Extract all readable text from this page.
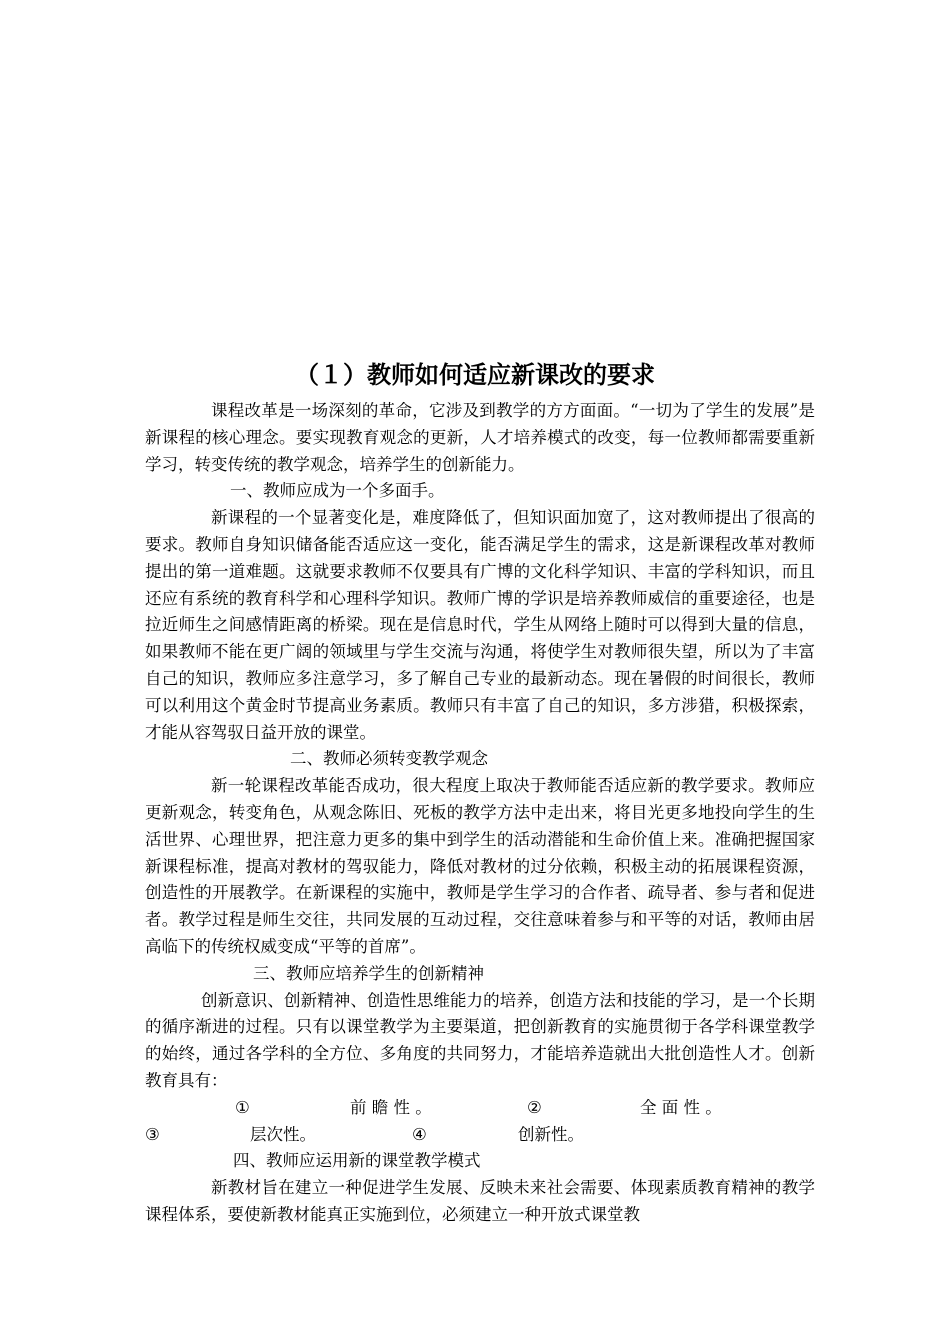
（１）教师如何适应新课改的要求

课程改革是一场深刻的革命，它涉及到教学的方方面面。“一切为了学生的发展”是新课程的核心理念。要实现教育观念的更新，人才培养模式的改变，每一位教师都需要重新学习，转变传统的教学观念，培养学生的创新能力。

一、教师应成为一个多面手。

新课程的一个显著变化是，难度降低了，但知识面加宽了，这对教师提出了很高的要求。教师自身知识储备能否适应这一变化，能否满足学生的需求，这是新课程改革对教师提出的第一道难题。这就要求教师不仅要具有广博的文化科学知识、丰富的学科知识，而且还应有系统的教育科学和心理科学知识。教师广博的学识是培养教师威信的重要途径，也是拉近师生之间感情距离的桥梁。现在是信息时代，学生从网络上随时可以得到大量的信息，如果教师不能在更广阔的领域里与学生交流与沟通，将使学生对教师很失望，所以为了丰富自己的知识，教师应多注意学习，多了解自己专业的最新动态。现在暑假的时间很长，教师可以利用这个黄金时节提高业务素质。教师只有丰富了自己的知识，多方涉猎，积极探索，才能从容驾驭日益开放的课堂。

二、教师必须转变教学观念

新一轮课程改革能否成功，很大程度上取决于教师能否适应新的教学要求。教师应更新观念，转变角色，从观念陈旧、死板的教学方法中走出来，将目光更多地投向学生的生活世界、心理世界，把注意力更多的集中到学生的活动潜能和生命价值上来。准确把握国家新课程标准，提高对教材的驾驭能力，降低对教材的过分依赖，积极主动的拓展课程资源，创造性的开展教学。在新课程的实施中，教师是学生学习的合作者、疏导者、参与者和促进者。教学过程是师生交往，共同发展的互动过程，交往意味着参与和平等的对话，教师由居高临下的传统权威变成“平等的首席”。

三、教师应培养学生的创新精神

创新意识、创新精神、创造性思维能力的培养，创造方法和技能的学习，是一个长期的循序渐进的过程。只有以课堂教学为主要渠道，把创新教育的实施贯彻于各学科课堂教学的始终，通过各学科的全方位、多角度的共同努力，才能培养造就出大批创造性人才。创新教育具有：

①	前 瞻 性 。	②	全 面 性 。
③	层次性。	④	创新性。

四、教师应运用新的课堂教学模式

新教材旨在建立一种促进学生发展、反映未来社会需要、体现素质教育精神的教学课程体系，要使新教材能真正实施到位，必须建立一种开放式课堂教
